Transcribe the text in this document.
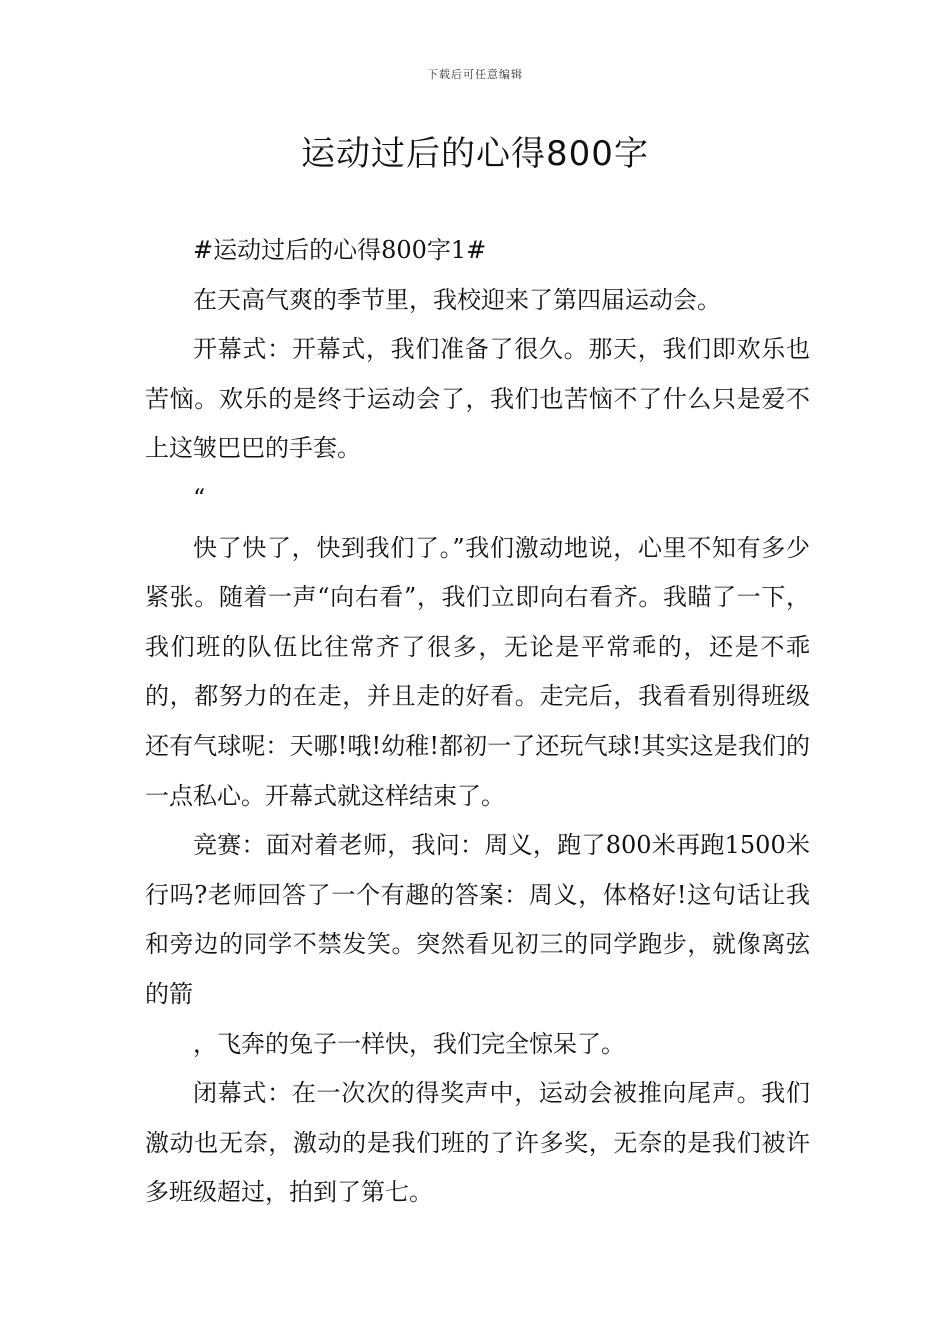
下载后可任意编辑
运动过后的心得800字

#运动过后的心得800字1#

在天高气爽的季节里，我校迎来了第四届运动会。

开幕式：开幕式，我们准备了很久。那天，我们即欢乐也苦恼。欢乐的是终于运动会了，我们也苦恼不了什么只是爱不上这皱巴巴的手套。

“

快了快了，快到我们了。”我们激动地说，心里不知有多少紧张。随着一声“向右看”，我们立即向右看齐。我瞄了一下，我们班的队伍比往常齐了很多，无论是平常乖的，还是不乖的，都努力的在走，并且走的好看。走完后，我看看别得班级还有气球呢：天哪!哦!幼稚!都初一了还玩气球!其实这是我们的一点私心。开幕式就这样结束了。

竞赛：面对着老师，我问：周义，跑了800米再跑1500米行吗?老师回答了一个有趣的答案：周义，体格好!这句话让我和旁边的同学不禁发笑。突然看见初三的同学跑步，就像离弦的箭

，飞奔的兔子一样快，我们完全惊呆了。

闭幕式：在一次次的得奖声中，运动会被推向尾声。我们激动也无奈，激动的是我们班的了许多奖，无奈的是我们被许多班级超过，拍到了第七。
